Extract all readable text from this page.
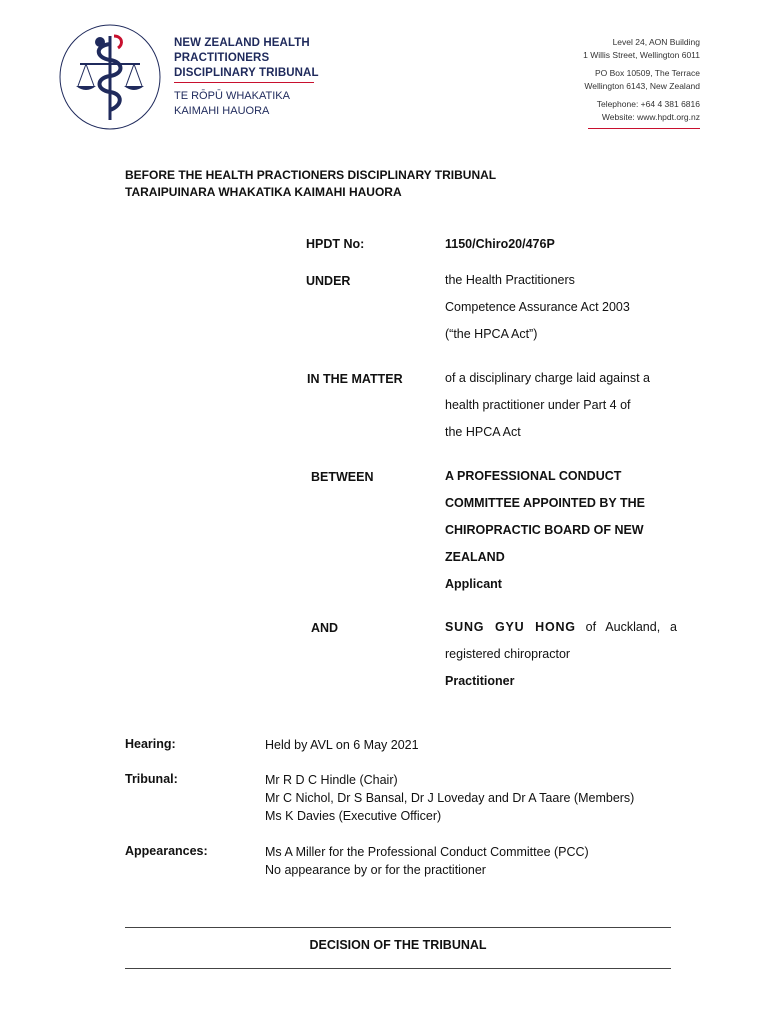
NEW ZEALAND HEALTH
PRACTITIONERS
DISCIPLINARY TRIBUNAL
TE RŌPŪ WHAKATIKA
KAIMAHI HAUORA
Level 24, AON Building
1 Willis Street, Wellington 6011
PO Box 10509, The Terrace
Wellington 6143, New Zealand
Telephone: +64 4 381 6816
Website: www.hpdt.org.nz
BEFORE THE HEALTH PRACTIONERS DISCIPLINARY TRIBUNAL
TARAIPUINARA WHAKATIKA KAIMAHI HAUORA
HPDT No:	1150/Chiro20/476P
UNDER	the Health Practitioners
Competence Assurance Act 2003
(“the HPCA Act”)
IN THE MATTER	of a disciplinary charge laid against a
health practitioner under Part 4 of
the HPCA Act
BETWEEN	A PROFESSIONAL CONDUCT
COMMITTEE APPOINTED BY THE
CHIROPRACTIC BOARD OF NEW
ZEALAND
Applicant
AND	SUNG GYU HONG of Auckland, a
registered chiropractor
Practitioner
Hearing:	Held by AVL on 6 May 2021
Tribunal:	Mr R D C Hindle (Chair)
Mr C Nichol, Dr S Bansal, Dr J Loveday and Dr A Taare (Members)
Ms K Davies (Executive Officer)
Appearances:	Ms A Miller for the Professional Conduct Committee (PCC)
No appearance by or for the practitioner
DECISION OF THE TRIBUNAL
